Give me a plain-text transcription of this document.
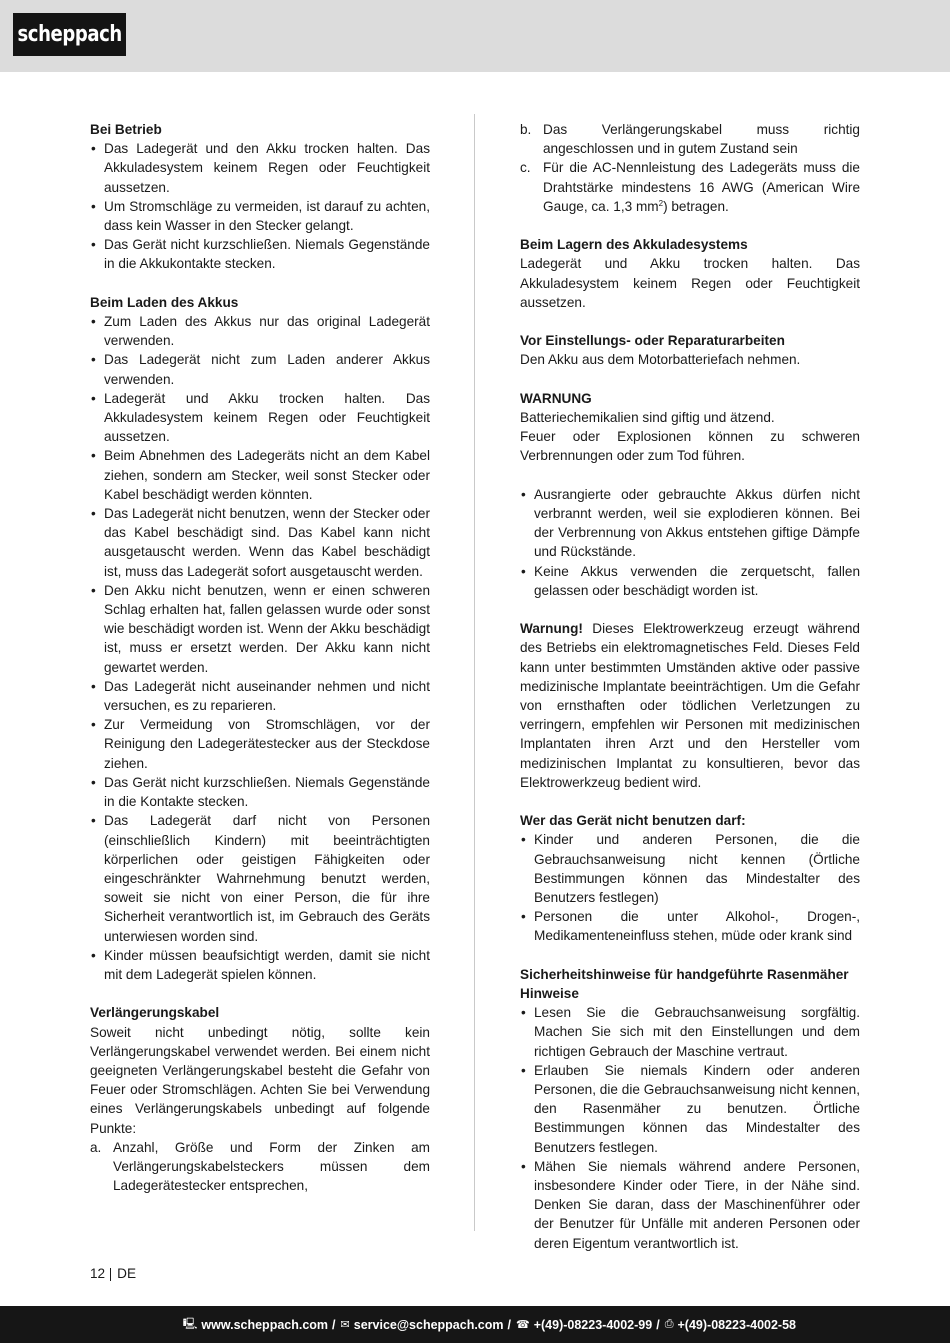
scheppach
Bei Betrieb
• Das Ladegerät und den Akku trocken halten. Das Akkuladesystem keinem Regen oder Feuchtigkeit aussetzen.
• Um Stromschläge zu vermeiden, ist darauf zu achten, dass kein Wasser in den Stecker gelangt.
• Das Gerät nicht kurzschließen. Niemals Gegenstände in die Akkukontakte stecken.
Beim Laden des Akkus
• Zum Laden des Akkus nur das original Ladegerät verwenden.
• Das Ladegerät nicht zum Laden anderer Akkus verwenden.
• Ladegerät und Akku trocken halten. Das Akkuladesystem keinem Regen oder Feuchtigkeit aussetzen.
• Beim Abnehmen des Ladegeräts nicht an dem Kabel ziehen, sondern am Stecker, weil sonst Stecker oder Kabel beschädigt werden könnten.
• Das Ladegerät nicht benutzen, wenn der Stecker oder das Kabel beschädigt sind. Das Kabel kann nicht ausgetauscht werden. Wenn das Kabel beschädigt ist, muss das Ladegerät sofort ausgetauscht werden.
• Den Akku nicht benutzen, wenn er einen schweren Schlag erhalten hat, fallen gelassen wurde oder sonst wie beschädigt worden ist. Wenn der Akku beschädigt ist, muss er ersetzt werden. Der Akku kann nicht gewartet werden.
• Das Ladegerät nicht auseinander nehmen und nicht versuchen, es zu reparieren.
• Zur Vermeidung von Stromschlägen, vor der Reinigung den Ladegerätestecker aus der Steckdose ziehen.
• Das Gerät nicht kurzschließen. Niemals Gegenstände in die Kontakte stecken.
• Das Ladegerät darf nicht von Personen (einschließlich Kindern) mit beeinträchtigten körperlichen oder geistigen Fähigkeiten oder eingeschränkter Wahrnehmung benutzt werden, soweit sie nicht von einer Person, die für ihre Sicherheit verantwortlich ist, im Gebrauch des Geräts unterwiesen worden sind.
• Kinder müssen beaufsichtigt werden, damit sie nicht mit dem Ladegerät spielen können.
Verlängerungskabel
Soweit nicht unbedingt nötig, sollte kein Verlängerungskabel verwendet werden. Bei einem nicht geeigneten Verlängerungskabel besteht die Gefahr von Feuer oder Stromschlägen. Achten Sie bei Verwendung eines Verlängerungskabels unbedingt auf folgende Punkte:
a. Anzahl, Größe und Form der Zinken am Verlängerungskabelsteckers müssen dem Ladegerätestecker entsprechen,
b. Das Verlängerungskabel muss richtig angeschlossen und in gutem Zustand sein
c. Für die AC-Nennleistung des Ladegeräts muss die Drahtstärke mindestens 16 AWG (American Wire Gauge, ca. 1,3 $mm^2$) betragen.
Beim Lagern des Akkuladesystems
Ladegerät und Akku trocken halten. Das Akkuladesystem keinem Regen oder Feuchtigkeit aussetzen.
Vor Einstellungs- oder Reparaturarbeiten
Den Akku aus dem Motorbatteriefach nehmen.
WARNUNG
Batteriechemikalien sind giftig und ätzend.
Feuer oder Explosionen können zu schweren Verbrennungen oder zum Tod führen.
• Ausrangierte oder gebrauchte Akkus dürfen nicht verbrannt werden, weil sie explodieren können. Bei der Verbrennung von Akkus entstehen giftige Dämpfe und Rückstände.
• Keine Akkus verwenden die zerquetscht, fallen gelassen oder beschädigt worden ist.
Warnung! Dieses Elektrowerkzeug erzeugt während des Betriebs ein elektromagnetisches Feld. Dieses Feld kann unter bestimmten Umständen aktive oder passive medizinische Implantate beeinträchtigen. Um die Gefahr von ernsthaften oder tödlichen Verletzungen zu verringern, empfehlen wir Personen mit medizinischen Implantaten ihren Arzt und den Hersteller vom medizinischen Implantat zu konsultieren, bevor das Elektrowerkzeug bedient wird.
Wer das Gerät nicht benutzen darf:
• Kinder und anderen Personen, die die Gebrauchsanweisung nicht kennen (Örtliche Bestimmungen können das Mindestalter des Benutzers festlegen)
• Personen die unter Alkohol-, Drogen-, Medikamenteneinfluss stehen, müde oder krank sind
Sicherheitshinweise für handgeführte Rasenmäher
Hinweise
• Lesen Sie die Gebrauchsanweisung sorgfältig. Machen Sie sich mit den Einstellungen und dem richtigen Gebrauch der Maschine vertraut.
• Erlauben Sie niemals Kindern oder anderen Personen, die die Gebrauchsanweisung nicht kennen, den Rasenmäher zu benutzen. Örtliche Bestimmungen können das Mindestalter des Benutzers festlegen.
• Mähen Sie niemals während andere Personen, insbesondere Kinder oder Tiere, in der Nähe sind. Denken Sie daran, dass der Maschinenführer oder der Benutzer für Unfälle mit anderen Personen oder deren Eigentum verantwortlich ist.
12 DE
🖳 www.scheppach.com / ✉ service@scheppach.com / ☎ +(49)-08223-4002-99 / ⎙ +(49)-08223-4002-58
